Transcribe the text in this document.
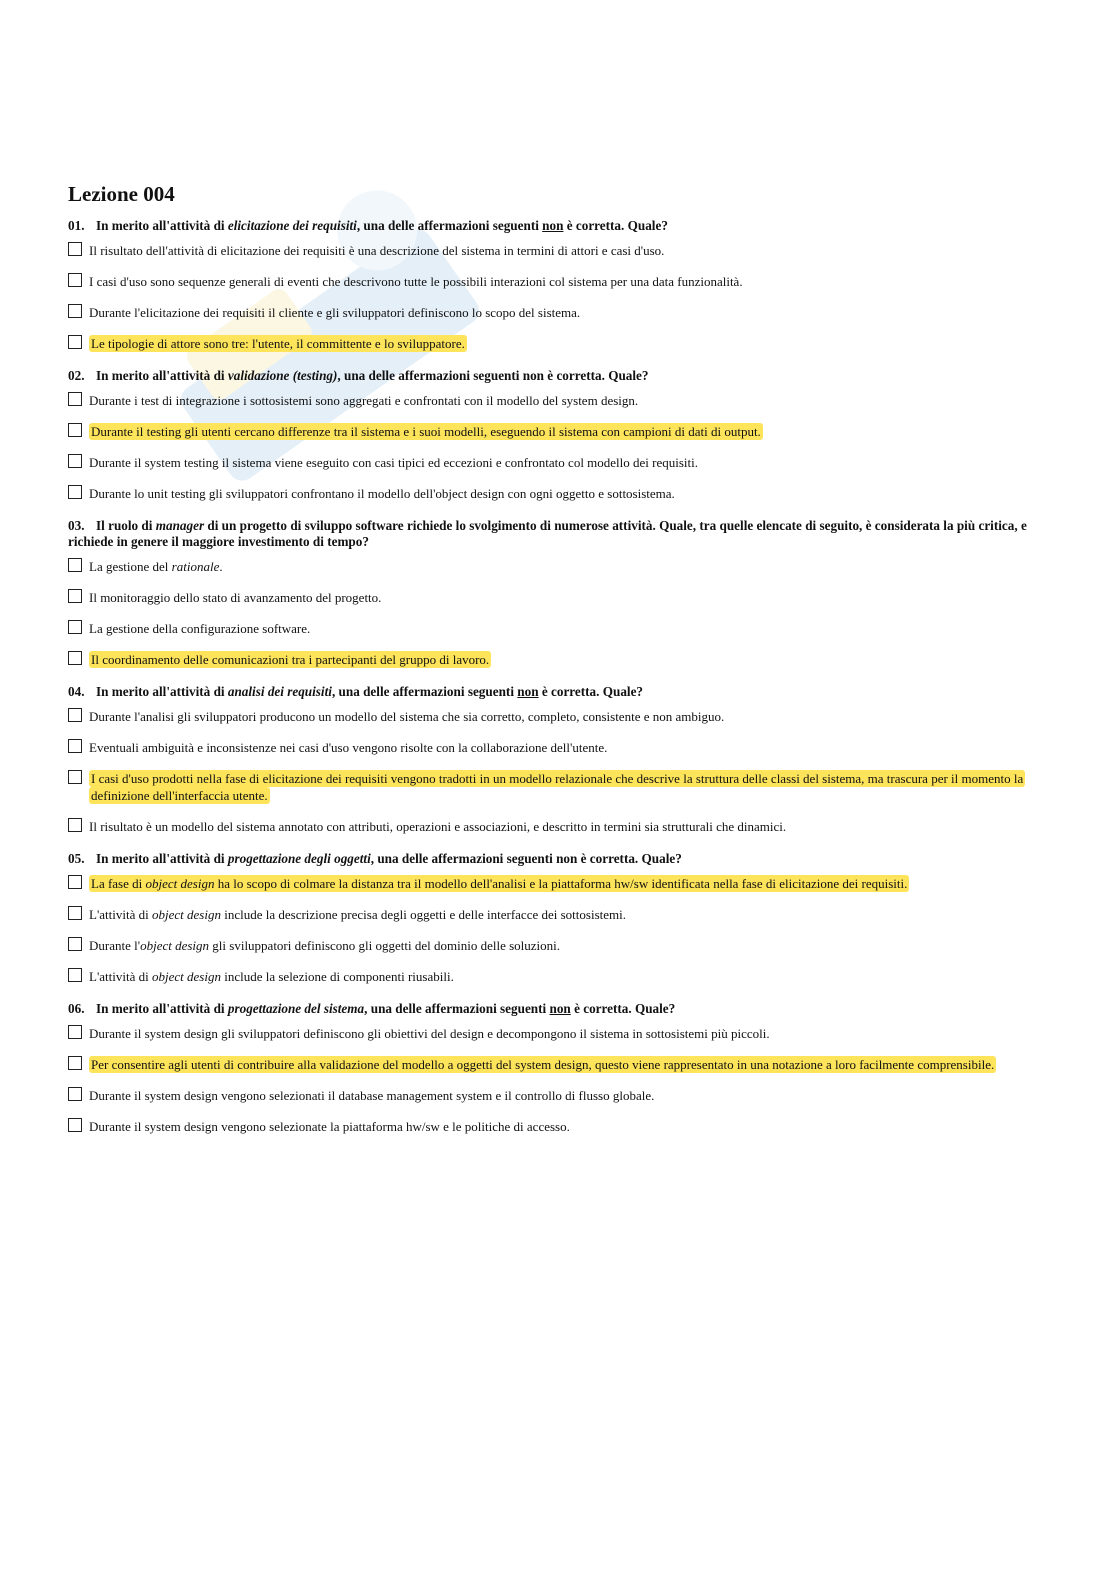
Lezione 004
01. In merito all'attività di elicitazione dei requisiti, una delle affermazioni seguenti non è corretta. Quale?
Il risultato dell'attività di elicitazione dei requisiti è una descrizione del sistema in termini di attori e casi d'uso.
I casi d'uso sono sequenze generali di eventi che descrivono tutte le possibili interazioni col sistema per una data funzionalità.
Durante l'elicitazione dei requisiti il cliente e gli sviluppatori definiscono lo scopo del sistema.
Le tipologie di attore sono tre: l'utente, il committente e lo sviluppatore.
02. In merito all'attività di validazione (testing), una delle affermazioni seguenti non è corretta. Quale?
Durante i test di integrazione i sottosistemi sono aggregati e confrontati con il modello del system design.
Durante il testing gli utenti cercano differenze tra il sistema e i suoi modelli, eseguendo il sistema con campioni di dati di output.
Durante il system testing il sistema viene eseguito con casi tipici ed eccezioni e confrontato col modello dei requisiti.
Durante lo unit testing gli sviluppatori confrontano il modello dell'object design con ogni oggetto e sottosistema.
03. Il ruolo di manager di un progetto di sviluppo software richiede lo svolgimento di numerose attività. Quale, tra quelle elencate di seguito, è considerata la più critica, e richiede in genere il maggiore investimento di tempo?
La gestione del rationale.
Il monitoraggio dello stato di avanzamento del progetto.
La gestione della configurazione software.
Il coordinamento delle comunicazioni tra i partecipanti del gruppo di lavoro.
04. In merito all'attività di analisi dei requisiti, una delle affermazioni seguenti non è corretta. Quale?
Durante l'analisi gli sviluppatori producono un modello del sistema che sia corretto, completo, consistente e non ambiguo.
Eventuali ambiguità e inconsistenze nei casi d'uso vengono risolte con la collaborazione dell'utente.
I casi d'uso prodotti nella fase di elicitazione dei requisiti vengono tradotti in un modello relazionale che descrive la struttura delle classi del sistema, ma trascura per il momento la definizione dell'interfaccia utente.
Il risultato è un modello del sistema annotato con attributi, operazioni e associazioni, e descritto in termini sia strutturali che dinamici.
05. In merito all'attività di progettazione degli oggetti, una delle affermazioni seguenti non è corretta. Quale?
La fase di object design ha lo scopo di colmare la distanza tra il modello dell'analisi e la piattaforma hw/sw identificata nella fase di elicitazione dei requisiti.
L'attività di object design include la descrizione precisa degli oggetti e delle interfacce dei sottosistemi.
Durante l'object design gli sviluppatori definiscono gli oggetti del dominio delle soluzioni.
L'attività di object design include la selezione di componenti riusabili.
06. In merito all'attività di progettazione del sistema, una delle affermazioni seguenti non è corretta. Quale?
Durante il system design gli sviluppatori definiscono gli obiettivi del design e decompongono il sistema in sottosistemi più piccoli.
Per consentire agli utenti di contribuire alla validazione del modello a oggetti del system design, questo viene rappresentato in una notazione a loro facilmente comprensibile.
Durante il system design vengono selezionati il database management system e il controllo di flusso globale.
Durante il system design vengono selezionate la piattaforma hw/sw e le politiche di accesso.
